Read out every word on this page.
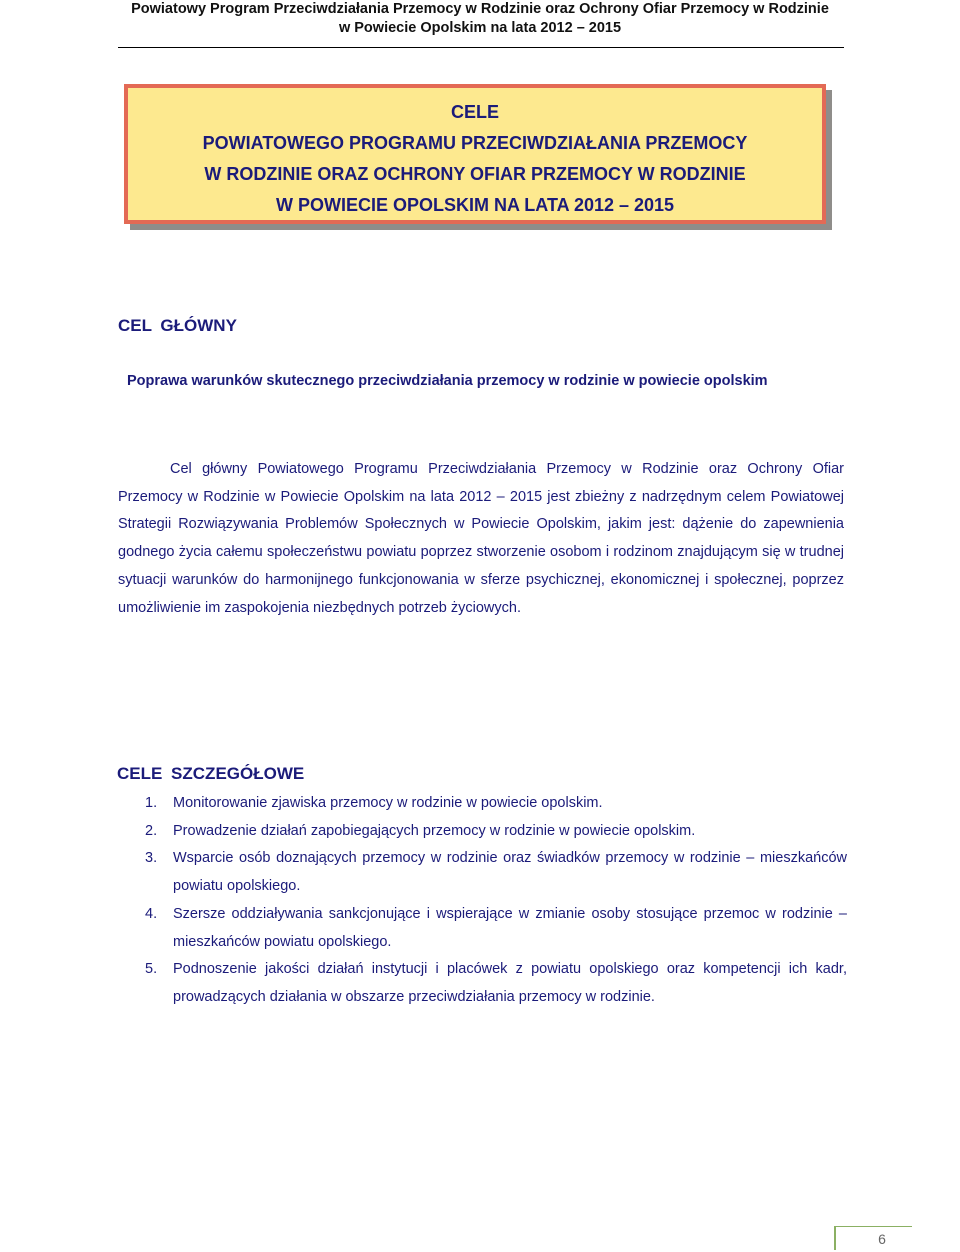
Powiatowy Program Przeciwdziałania Przemocy w Rodzinie oraz Ochrony Ofiar Przemocy w Rodzinie
w Powiecie Opolskim na lata 2012 – 2015
CELE
POWIATOWEGO PROGRAMU PRZECIWDZIAŁANIA PRZEMOCY
W RODZINIE ORAZ OCHRONY OFIAR PRZEMOCY W RODZINIE
W POWIECIE OPOLSKIM NA LATA 2012 – 2015
CEL GŁÓWNY
Poprawa warunków skutecznego przeciwdziałania przemocy w rodzinie w powiecie opolskim

Cel główny Powiatowego Programu Przeciwdziałania Przemocy w Rodzinie oraz Ochrony Ofiar Przemocy w Rodzinie w Powiecie Opolskim na lata 2012 – 2015 jest zbieżny z nadrzędnym celem Powiatowej Strategii Rozwiązywania Problemów Społecznych w Powiecie Opolskim, jakim jest: dążenie do zapewnienia godnego życia całemu społeczeństwu powiatu poprzez stworzenie osobom i rodzinom znajdującym się w trudnej sytuacji warunków do harmonijnego funkcjonowania w sferze psychicznej, ekonomicznej i społecznej, poprzez umożliwienie im zaspokojenia niezbędnych potrzeb życiowych.

CELE SZCZEGÓŁOWE
1. Monitorowanie zjawiska przemocy w rodzinie w powiecie opolskim.
2. Prowadzenie działań zapobiegających przemocy w rodzinie w powiecie opolskim.
3. Wsparcie osób doznających przemocy w rodzinie oraz świadków przemocy w rodzinie – mieszkańców powiatu opolskiego.
4. Szersze oddziaływania sankcjonujące i wspierające w zmianie osoby stosujące przemoc w rodzinie – mieszkańców powiatu opolskiego.
5. Podnoszenie jakości działań instytucji i placówek z powiatu opolskiego oraz kompetencji ich kadr, prowadzących działania w obszarze przeciwdziałania przemocy w rodzinie.
6
